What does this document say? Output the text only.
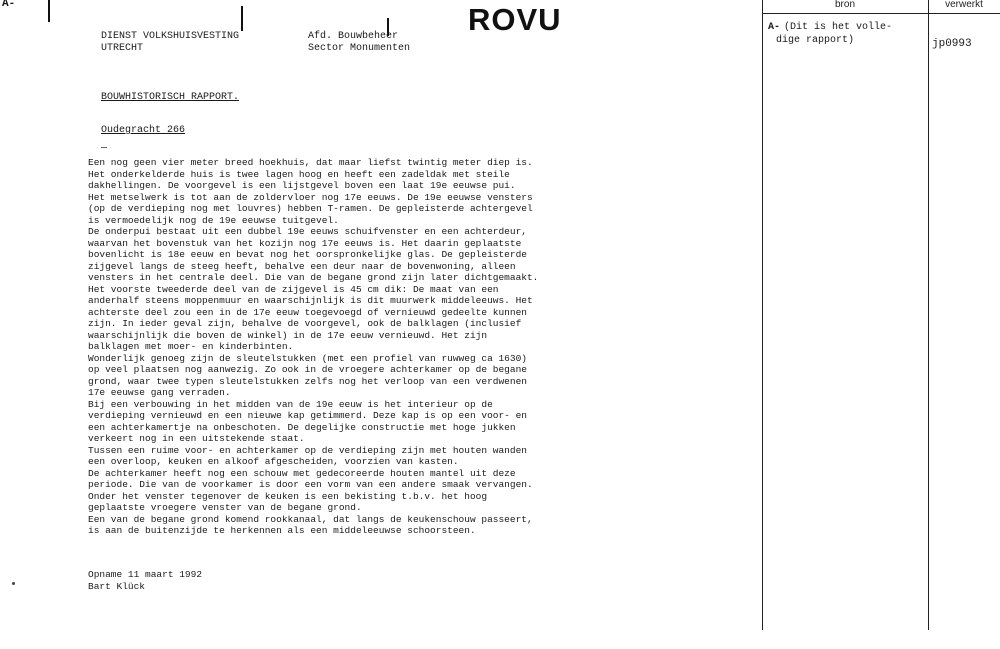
A-
DIENST VOLKSHUISVESTING
UTRECHT
Afd. Bouwbeheer
Sector Monumenten
ROVU
BOUWHISTORISCH RAPPORT.
Oudegracht 266
Een nog geen vier meter breed hoekhuis, dat maar liefst twintig meter diep is.
Het onderkelderde huis is twee lagen hoog en heeft een zadeldak met steile
dakhellingen. De voorgevel is een lijstgevel boven een laat 19e eeuwse pui.
Het metselwerk is tot aan de zoldervloer nog 17e eeuws. De 19e eeuwse vensters
(op de verdieping nog met louvres) hebben T-ramen. De gepleisterde achtergevel
is vermoedelijk nog de 19e eeuwse tuitgevel.
De onderpui bestaat uit een dubbel 19e eeuws schuifvenster en een achterdeur,
waarvan het bovenstuk van het kozijn nog 17e eeuws is. Het daarin geplaatste
bovenlicht is 18e eeuw en bevat nog het oorspronkelijke glas. De gepleisterde
zijgevel langs de steeg heeft, behalve een deur naar de bovenwoning, alleen
vensters in het centrale deel. Die van de begane grond zijn later dichtgemaakt.
Het voorste tweederde deel van de zijgevel is 45 cm dik: De maat van een
anderhalf steens moppenmuur en waarschijnlijk is dit muurwerk middeleeuws. Het
achterste deel zou een in de 17e eeuw toegevoegd of vernieuwd gedeelte kunnen
zijn. In ieder geval zijn, behalve de voorgevel, ook de balklagen (inclusief
waarschijnlijk die boven de winkel) in de 17e eeuw vernieuwd. Het zijn
balklagen met moer- en kinderbinten.
Wonderlijk genoeg zijn de sleutelstukken (met een profiel van ruwweg ca 1630)
op veel plaatsen nog aanwezig. Zo ook in de vroegere achterkamer op de begane
grond, waar twee typen sleutelstukken zelfs nog het verloop van een verdwenen
17e eeuwse gang verraden.
Bij een verbouwing in het midden van de 19e eeuw is het interieur op de
verdieping vernieuwd en een nieuwe kap getimmerd. Deze kap is op een voor- en
een achterkamertje na onbeschoten. De degelijke constructie met hoge jukken
verkeert nog in een uitstekende staat.
Tussen een ruime voor- en achterkamer op de verdieping zijn met houten wanden
een overloop, keuken en alkoof afgescheiden, voorzien van kasten.
De achterkamer heeft nog een schouw met gedecoreerde houten mantel uit deze
periode. Die van de voorkamer is door een vorm van een andere smaak vervangen.
Onder het venster tegenover de keuken is een bekisting t.b.v. het hoog
geplaatste vroegere venster van de begane grond.
Een van de begane grond komend rookkanaal, dat langs de keukenschouw passeert,
is aan de buitenzijde te herkennen als een middeleeuwse schoorsteen.
Opname 11 maart 1992
Bart Klück
bron	verwerkt
A- (Dit is het volle-
dige rapport)	jp0993
